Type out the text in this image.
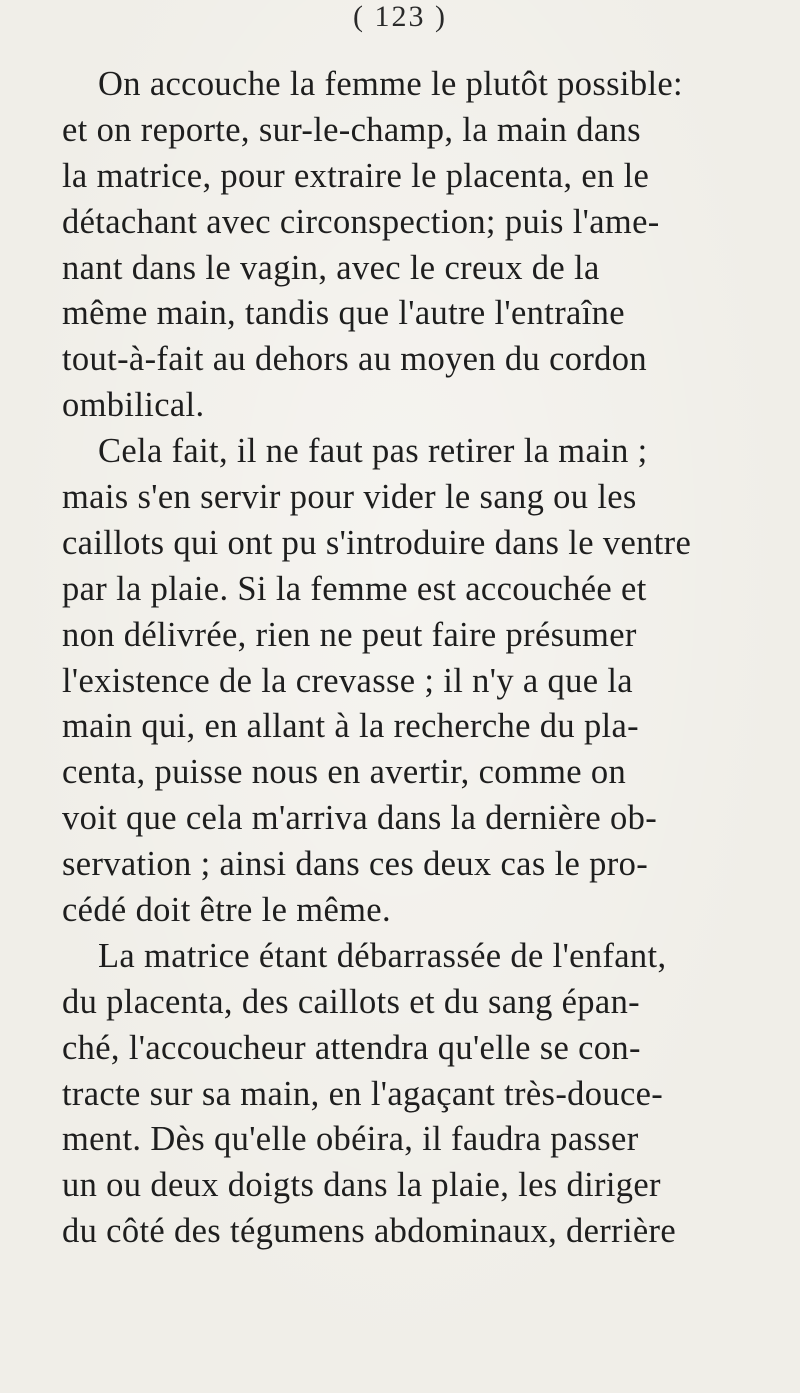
( 123 )
On accouche la femme le plutôt possible:
et on reporte, sur-le-champ, la main dans
la matrice, pour extraire le placenta, en le
détachant avec circonspection; puis l'ame-
nant dans le vagin, avec le creux de la
même main, tandis que l'autre l'entraîne
tout-à-fait au dehors au moyen du cordon
ombilical.
Cela fait, il ne faut pas retirer la main ;
mais s'en servir pour vider le sang ou les
caillots qui ont pu s'introduire dans le ventre
par la plaie. Si la femme est accouchée et
non délivrée, rien ne peut faire présumer
l'existence de la crevasse ; il n'y a que la
main qui, en allant à la recherche du pla-
centa, puisse nous en avertir, comme on
voit que cela m'arriva dans la dernière ob-
servation ; ainsi dans ces deux cas le pro-
cédé doit être le même.
La matrice étant débarrassée de l'enfant,
du placenta, des caillots et du sang épan-
ché, l'accoucheur attendra qu'elle se con-
tracte sur sa main, en l'agaçant très-douce-
ment. Dès qu'elle obéira, il faudra passer
un ou deux doigts dans la plaie, les diriger
du côté des tégumens abdominaux, derrière
